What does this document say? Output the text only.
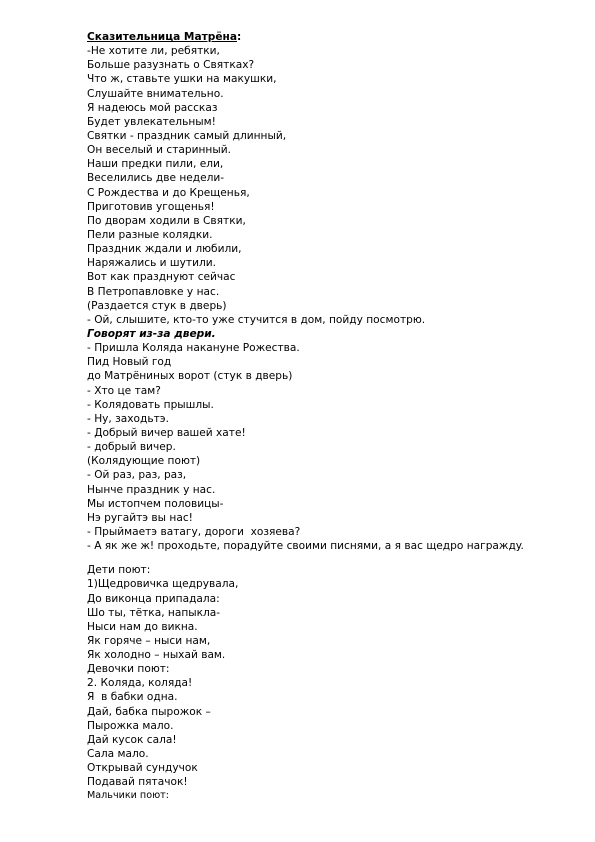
Сказительница Матрёна:
-Не хотите ли, ребятки,
Больше разузнать о Святках?
Что ж, ставьте ушки на макушки,
Слушайте внимательно.
Я надеюсь мой рассказ
Будет увлекательным!
Святки - праздник самый длинный,
Он веселый и старинный.
Наши предки пили, ели,
Веселились две недели-
С Рождества и до Крещенья,
Приготовив угощенья!
По дворам ходили в Святки,
Пели разные колядки.
Праздник ждали и любили,
Наряжались и шутили.
Вот как празднуют сейчас
В Петропавловке у нас.
(Раздается стук в дверь)
- Ой, слышите, кто-то уже стучится в дом, пойду посмотрю.
Говорят из-за двери.
- Пришла Коляда накануне Рожества.
Пид Новый год
до Матрёниных ворот (стук в дверь)
- Хто це там?
- Колядовать прышлы.
- Ну, заходьтэ.
- Добрый вичер вашей хате!
- добрый вичер.
(Колядующие поют)
- Ой раз, раз, раз,
Нынче праздник у нас.
Мы истопчем половицы-
Нэ ругайтэ вы нас!
- Прыймаетэ ватагу, дороги  хозяева?
- А як же ж! проходьте, порадуйте своими писнями, а я вас щедро награждy.
Дети поют:
1)Щедровичка щедрувала,
До виконца припадала:
Шо ты, тётка, напыкла-
Ныси нам до викна.
Як горяче – ныси нам,
Як холодно – ныхай вам.
Девочки поют:
2. Коляда, коляда!
Я  в бабки одна.
Дай, бабка пырожок –
Пырожка мало.
Дай кусок сала!
Сала мало.
Открывай сундучок
Подавай пятачок!
Мальчики поют:
